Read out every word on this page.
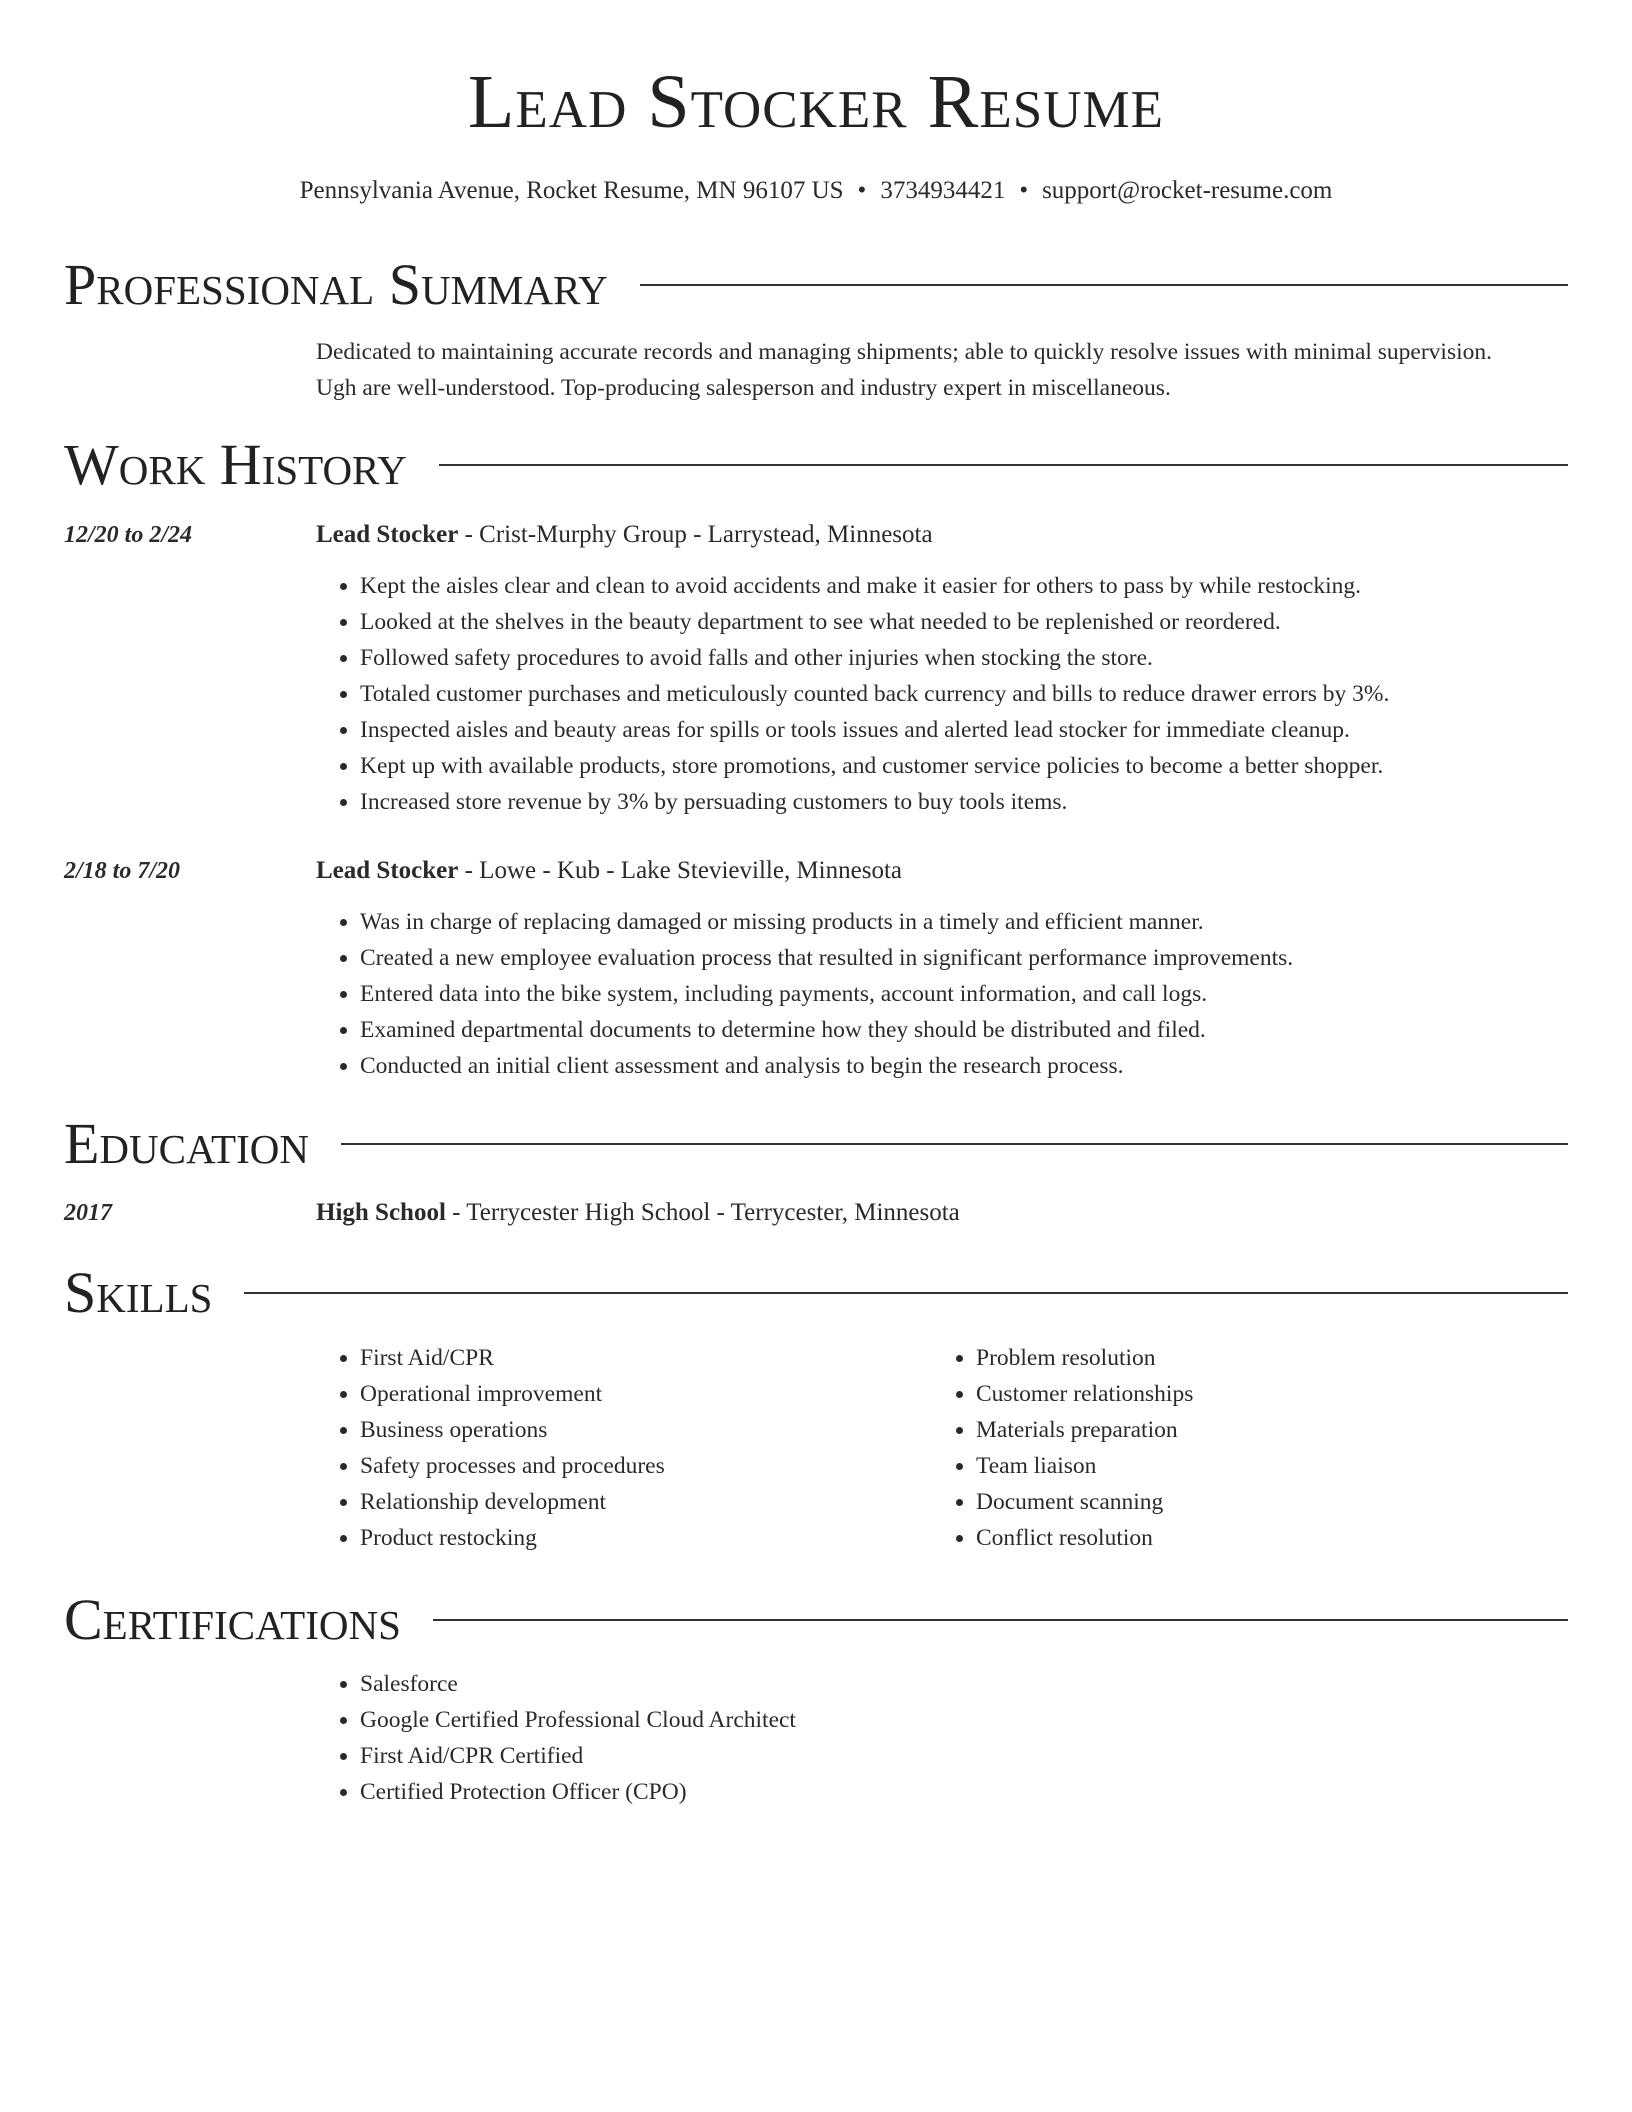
Lead Stocker Resume
Pennsylvania Avenue, Rocket Resume, MN 96107 US • 3734934421 • support@rocket-resume.com
Professional Summary
Dedicated to maintaining accurate records and managing shipments; able to quickly resolve issues with minimal supervision.
Ugh are well-understood. Top-producing salesperson and industry expert in miscellaneous.
Work History
12/20 to 2/24	Lead Stocker - Crist-Murphy Group - Larrystead, Minnesota
• Kept the aisles clear and clean to avoid accidents and make it easier for others to pass by while restocking.
• Looked at the shelves in the beauty department to see what needed to be replenished or reordered.
• Followed safety procedures to avoid falls and other injuries when stocking the store.
• Totaled customer purchases and meticulously counted back currency and bills to reduce drawer errors by 3%.
• Inspected aisles and beauty areas for spills or tools issues and alerted lead stocker for immediate cleanup.
• Kept up with available products, store promotions, and customer service policies to become a better shopper.
• Increased store revenue by 3% by persuading customers to buy tools items.
2/18 to 7/20	Lead Stocker - Lowe - Kub - Lake Stevieville, Minnesota
• Was in charge of replacing damaged or missing products in a timely and efficient manner.
• Created a new employee evaluation process that resulted in significant performance improvements.
• Entered data into the bike system, including payments, account information, and call logs.
• Examined departmental documents to determine how they should be distributed and filed.
• Conducted an initial client assessment and analysis to begin the research process.
Education
2017	High School - Terrycester High School - Terrycester, Minnesota
Skills
• First Aid/CPR
• Operational improvement
• Business operations
• Safety processes and procedures
• Relationship development
• Product restocking
• Problem resolution
• Customer relationships
• Materials preparation
• Team liaison
• Document scanning
• Conflict resolution
Certifications
• Salesforce
• Google Certified Professional Cloud Architect
• First Aid/CPR Certified
• Certified Protection Officer (CPO)
